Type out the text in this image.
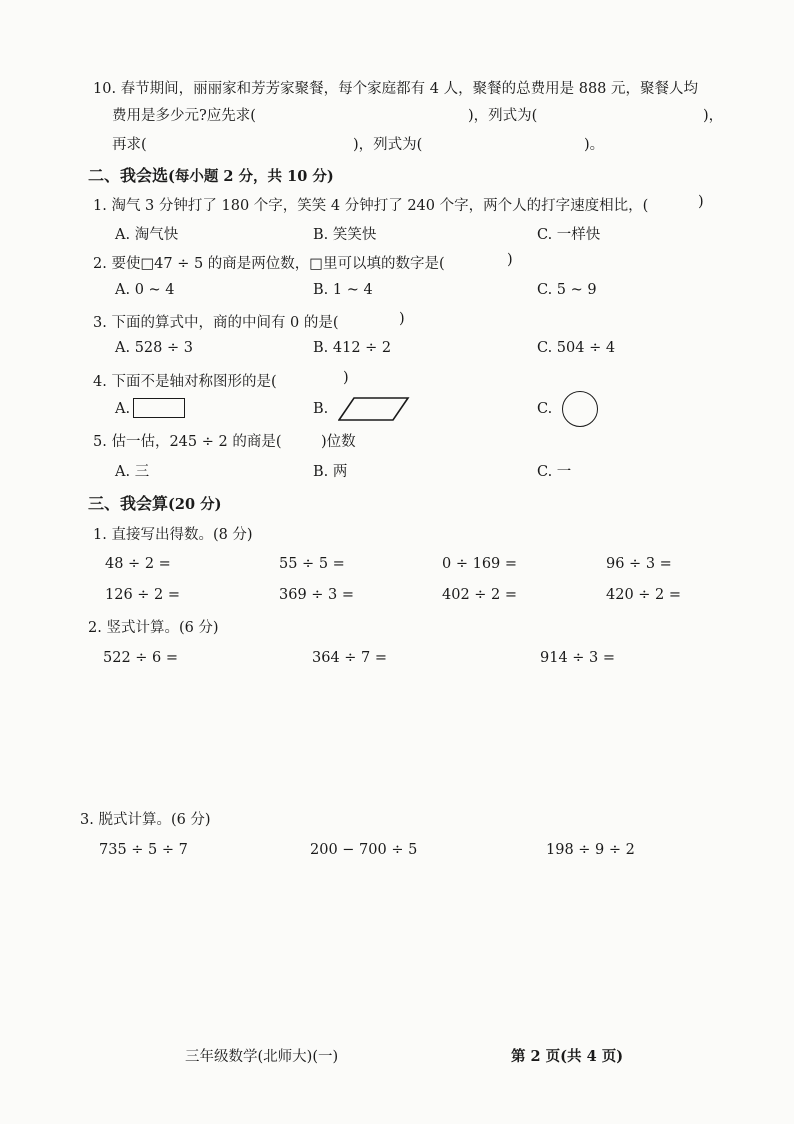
10. 春节期间，丽丽家和芳芳家聚餐，每个家庭都有 4 人，聚餐的总费用是 888 元，聚餐人均
费用是多少元?应先求(	)，列式为(	)，
再求(	)，列式为(	)。
二、我会选(每小题 2 分，共 10 分)
1. 淘气 3 分钟打了 180 个字，笑笑 4 分钟打了 240 个字，两个人的打字速度相比，(	)
A. 淘气快	B. 笑笑快	C. 一样快
2. 要使□47 ÷ 5 的商是两位数，□里可以填的数字是(	)
A. 0 ~ 4	B. 1 ~ 4	C. 5 ~ 9
3. 下面的算式中，商的中间有 0 的是(	)
A. 528 ÷ 3	B. 412 ÷ 2	C. 504 ÷ 4
4. 下面不是轴对称图形的是(	)
A.	B.	C.
5. 估一估，245 ÷ 2 的商是(	)位数
A. 三	B. 两	C. 一
三、我会算(20 分)
1. 直接写出得数。(8 分)
48 ÷ 2 =	55 ÷ 5 =	0 ÷ 169 =	96 ÷ 3 =
126 ÷ 2 =	369 ÷ 3 =	402 ÷ 2 =	420 ÷ 2 =
2. 竖式计算。(6 分)
522 ÷ 6 =	364 ÷ 7 =	914 ÷ 3 =
3. 脱式计算。(6 分)
735 ÷ 5 ÷ 7	200 − 700 ÷ 5	198 ÷ 9 ÷ 2
三年级数学(北师大)(一)	第 2 页(共 4 页)
